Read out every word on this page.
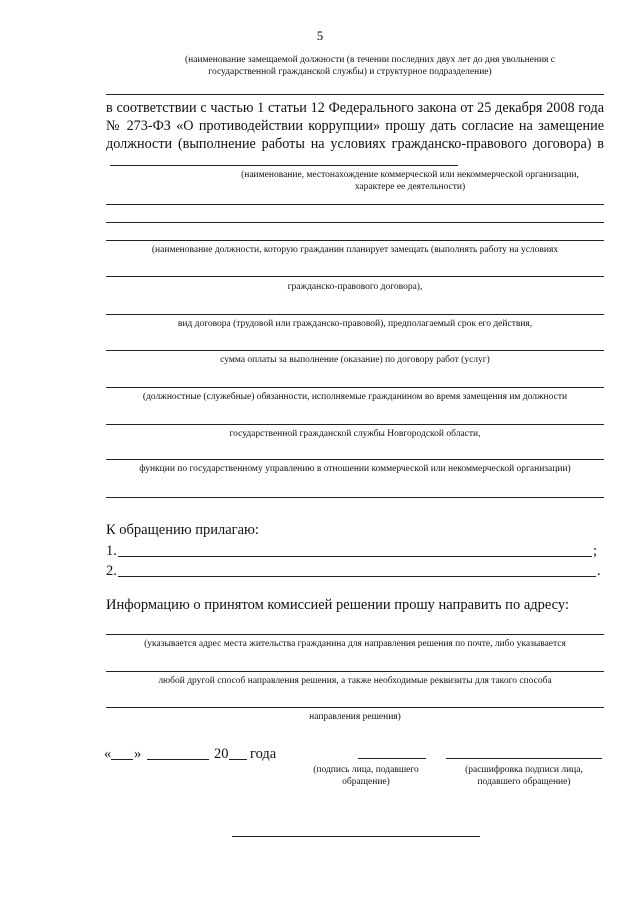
5
(наименование замещаемой должности (в течении последних двух лет до дня увольнения с
государственной гражданской службы) и структурное подразделение)

в соответствии с частью 1 статьи 12 Федерального закона от 25 декабря 2008 года № 273-ФЗ «О противодействии коррупции» прошу дать согласие на замещение должности (выполнение работы на условиях гражданско-правового договора) в

(наименование, местонахождение коммерческой или некоммерческой организации,
характере ее деятельности)
(наименование должности, которую гражданин планирует замещать (выполнять работу на условиях
гражданско-правового договора),
вид договора (трудовой или гражданско-правовой), предполагаемый срок его действия,
сумма оплаты за выполнение (оказание) по договору работ (услуг)
(должностные (служебные) обязанности, исполняемые гражданином во время замещения им должности
государственной гражданской службы Новгородской области,
функции по государственному управлению в отношении коммерческой или некоммерческой организации)
К обращению прилагаю:
1.	;
2.	.
Информацию о принятом комиссией решении прошу направить по адресу:
(указывается адрес места жительства гражданина для направления решения по почте, либо указывается
любой другой способ направления решения, а также необходимые реквизиты для такого способа
направления решения)
« »	20 года
(подпись лица, подавшего
обращение)
(расшифровка подписи лица,
подавшего обращение)
